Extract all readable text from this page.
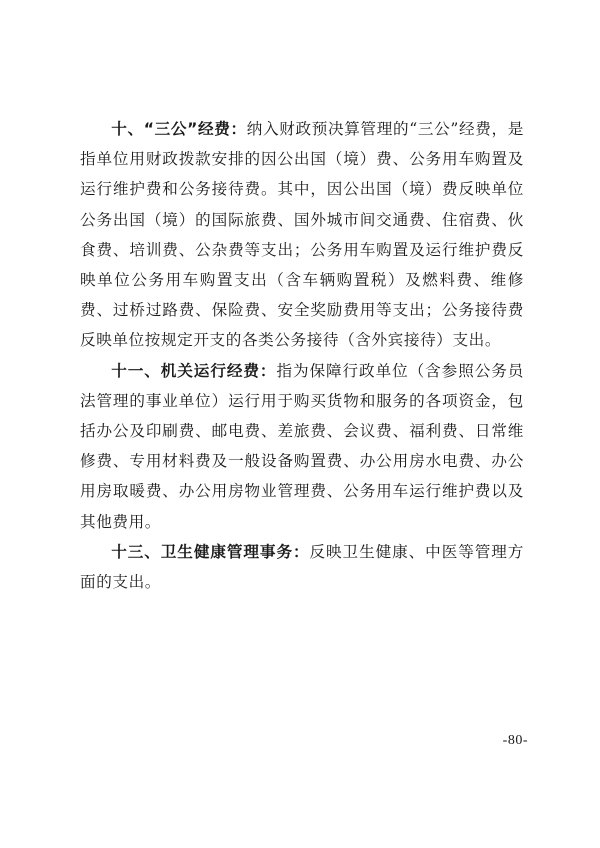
十、“三公”经费：纳入财政预决算管理的“三公”经费，是指单位用财政拨款安排的因公出国（境）费、公务用车购置及运行维护费和公务接待费。其中，因公出国（境）费反映单位公务出国（境）的国际旅费、国外城市间交通费、住宿费、伙食费、培训费、公杂费等支出；公务用车购置及运行维护费反映单位公务用车购置支出（含车辆购置税）及燃料费、维修费、过桥过路费、保险费、安全奖励费用等支出；公务接待费反映单位按规定开支的各类公务接待（含外宾接待）支出。

十一、机关运行经费：指为保障行政单位（含参照公务员法管理的事业单位）运行用于购买货物和服务的各项资金，包括办公及印刷费、邮电费、差旅费、会议费、福利费、日常维修费、专用材料费及一般设备购置费、办公用房水电费、办公用房取暖费、办公用房物业管理费、公务用车运行维护费以及其他费用。

十三、卫生健康管理事务：反映卫生健康、中医等管理方面的支出。

-80-
